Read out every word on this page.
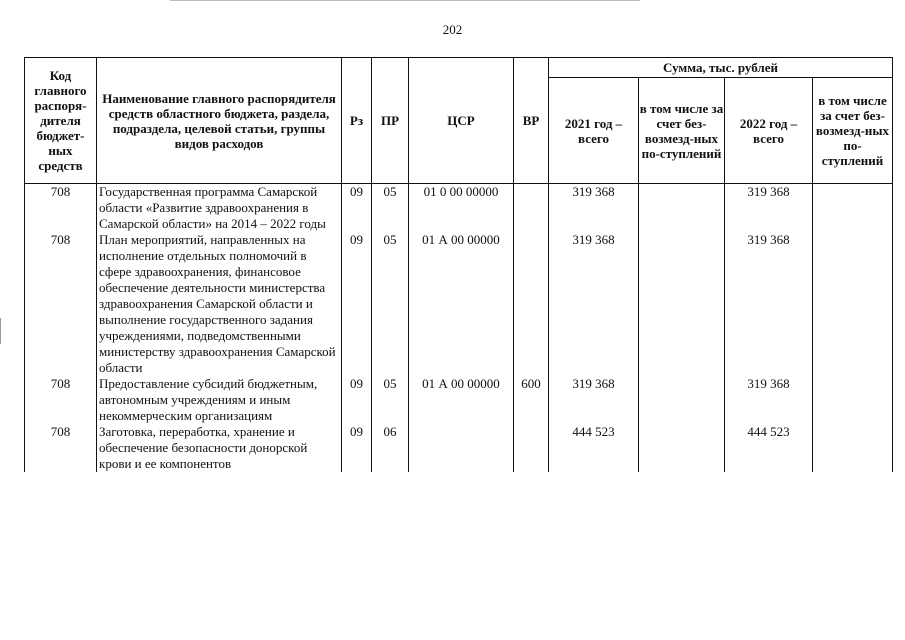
202
Код главного распоря-дителя бюджет-ных средств	Наименование главного распорядителя средств областного бюджета, раздела, подраздела, целевой статьи, группы видов расходов	Рз	ПР	ЦСР	ВР	Сумма, тыс. рублей			
						2021 год – всего	в том числе за счет без-возмезд-ных по-ступлений	2022 год – всего	в том числе за счет без-возмезд-ных по-ступлений
708	Государственная программа Самарской области «Развитие здравоохранения в Самарской области» на 2014 – 2022 годы	09	05	01 0 00 00000		319 368		319 368	
708	План мероприятий, направленных на исполнение отдельных полномочий в сфере здравоохранения, финансовое обеспечение деятельности министерства здравоохранения Самарской области и выполнение государственного задания учреждениями, подведомственными министерству здравоохранения Самарской области	09	05	01 А 00 00000		319 368		319 368	
708	Предоставление субсидий бюджетным, автономным учреждениям и иным некоммерческим организациям	09	05	01 А 00 00000	600	319 368		319 368	
708	Заготовка, переработка, хранение и обеспечение безопасности донорской крови и ее компонентов	09	06			444 523		444 523	
